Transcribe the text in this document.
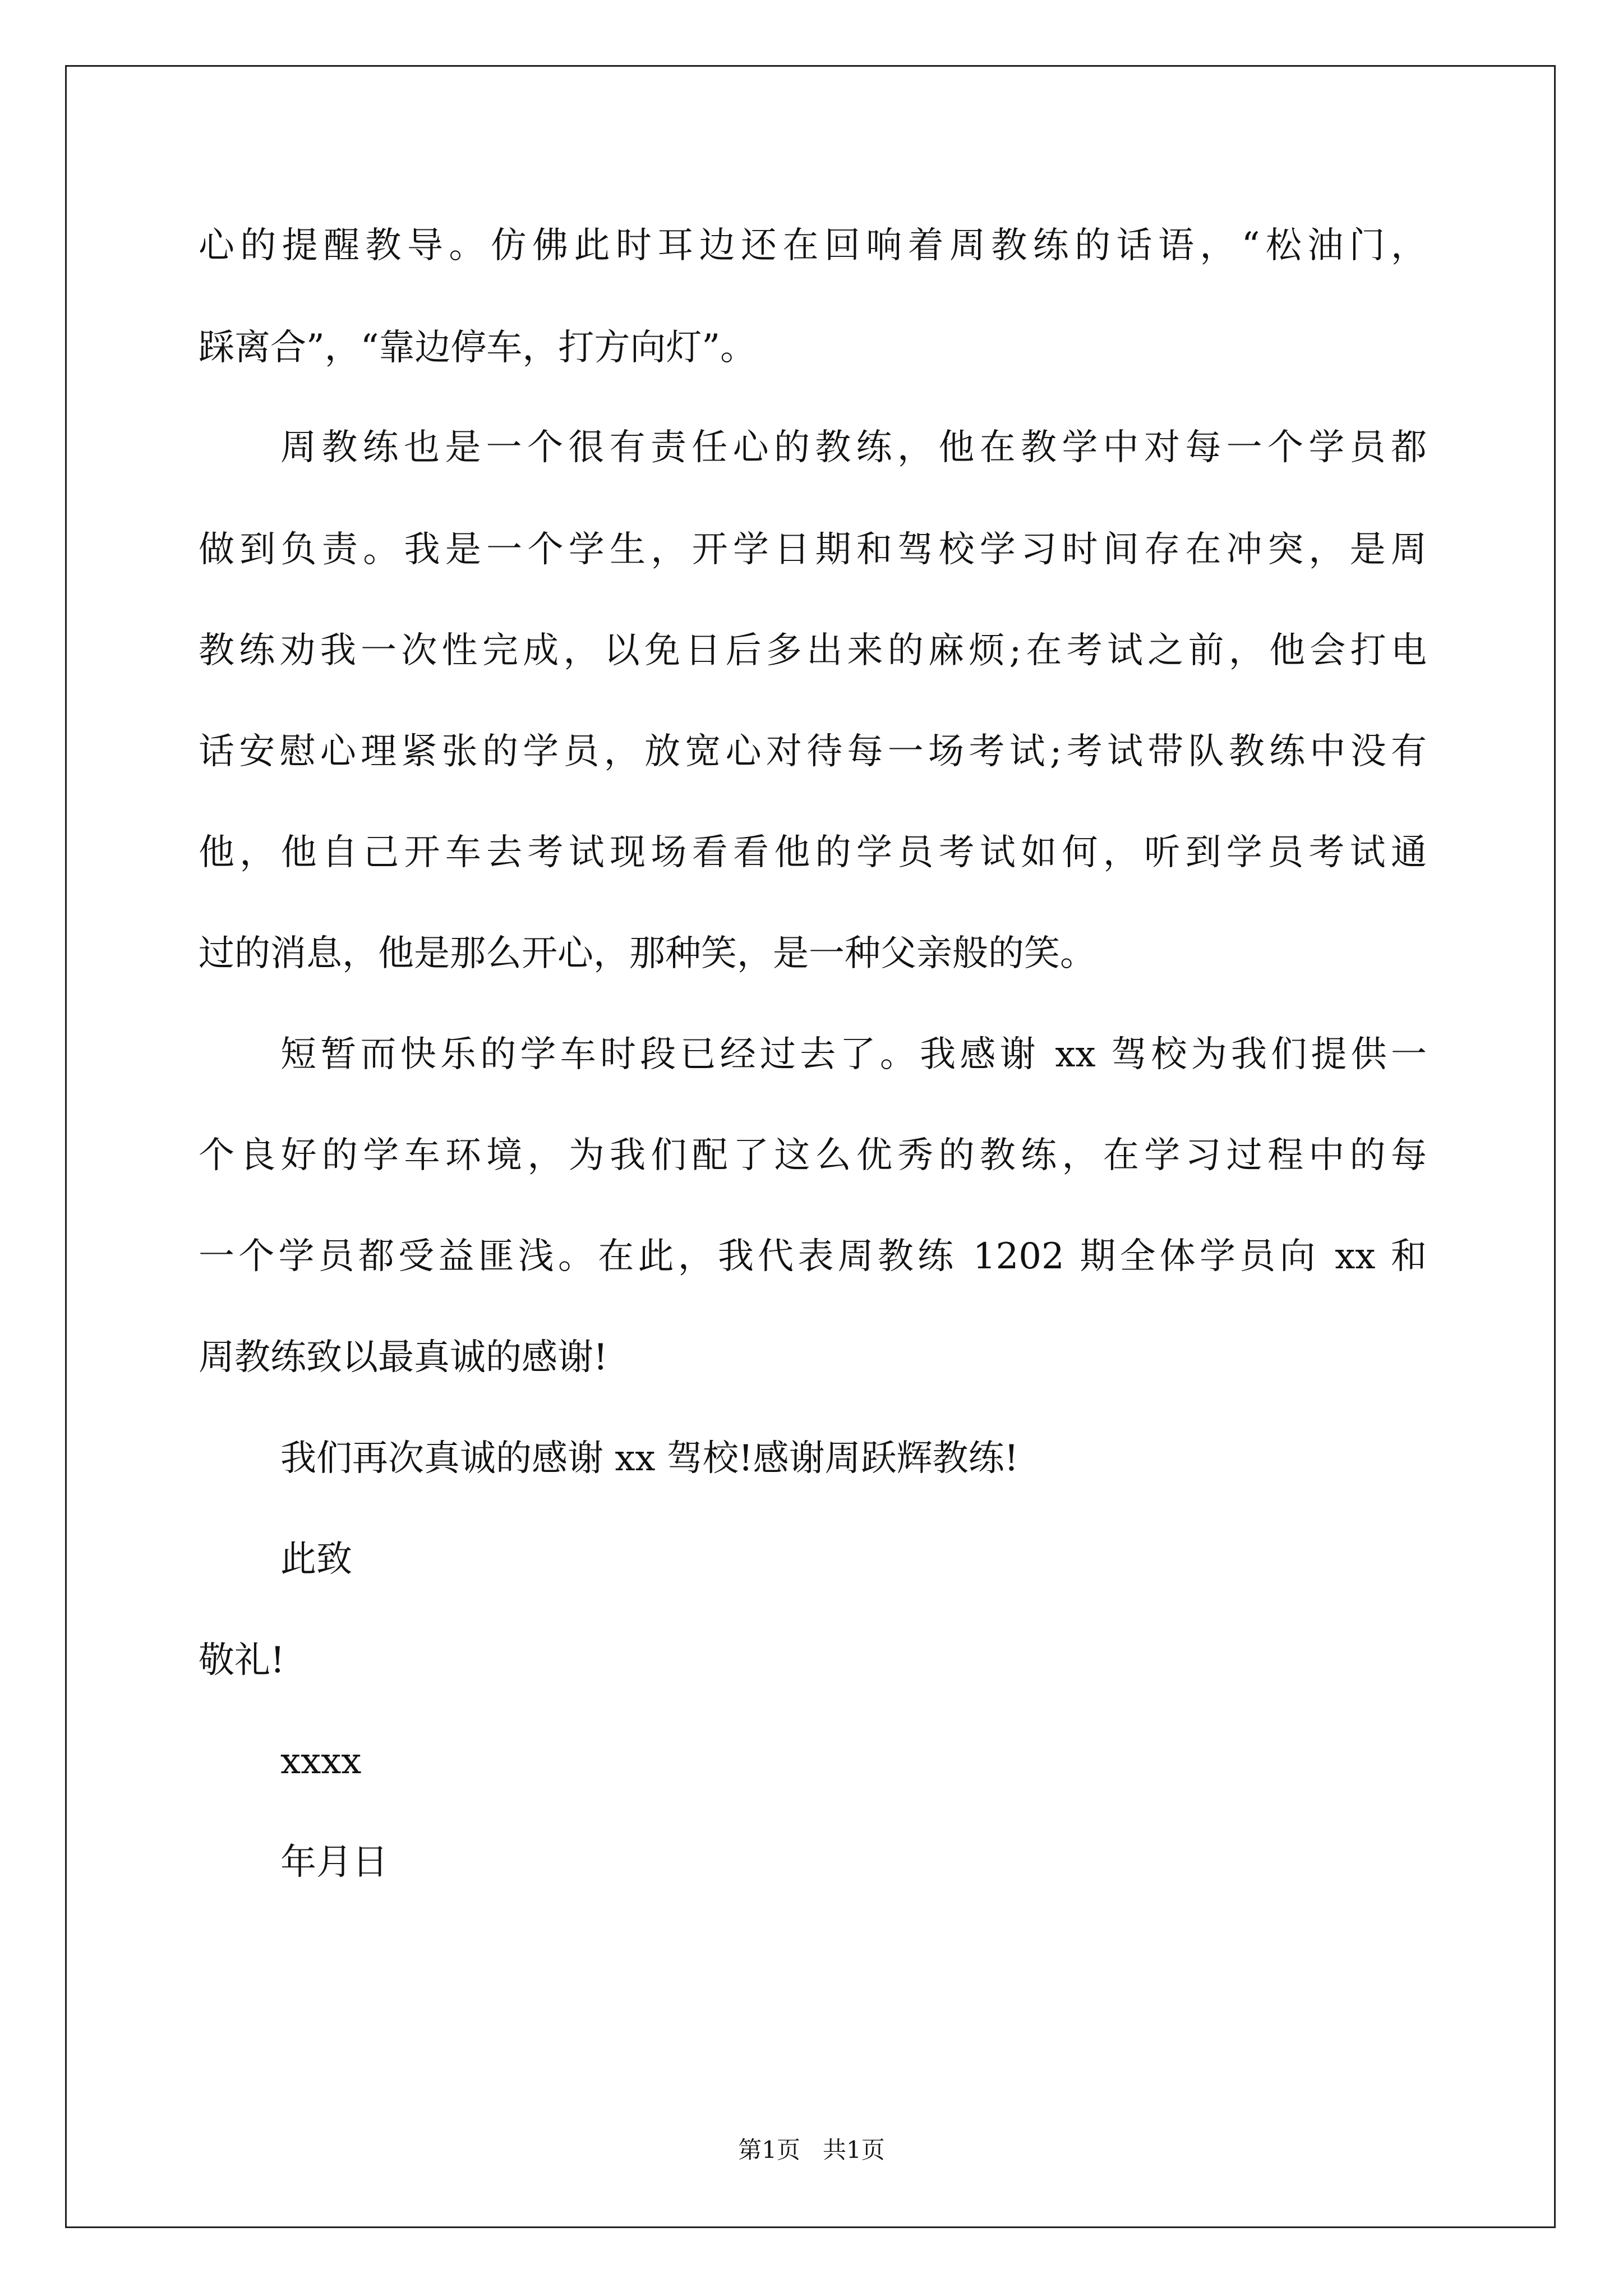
心的提醒教导。仿佛此时耳边还在回响着周教练的话语，“松油门，
踩离合”，“靠边停车，打方向灯”。
周教练也是一个很有责任心的教练，他在教学中对每一个学员都
做到负责。我是一个学生，开学日期和驾校学习时间存在冲突，是周
教练劝我一次性完成，以免日后多出来的麻烦;在考试之前，他会打电
话安慰心理紧张的学员，放宽心对待每一场考试;考试带队教练中没有
他，他自己开车去考试现场看看他的学员考试如何，听到学员考试通
过的消息，他是那么开心，那种笑，是一种父亲般的笑。
短暂而快乐的学车时段已经过去了。我感谢 xx 驾校为我们提供一
个良好的学车环境，为我们配了这么优秀的教练，在学习过程中的每
一个学员都受益匪浅。在此，我代表周教练 1202 期全体学员向 xx 和
周教练致以最真诚的感谢!
我们再次真诚的感谢 xx 驾校!感谢周跃辉教练!
此致
敬礼!
xxxx
年月日
第1页   共1页
